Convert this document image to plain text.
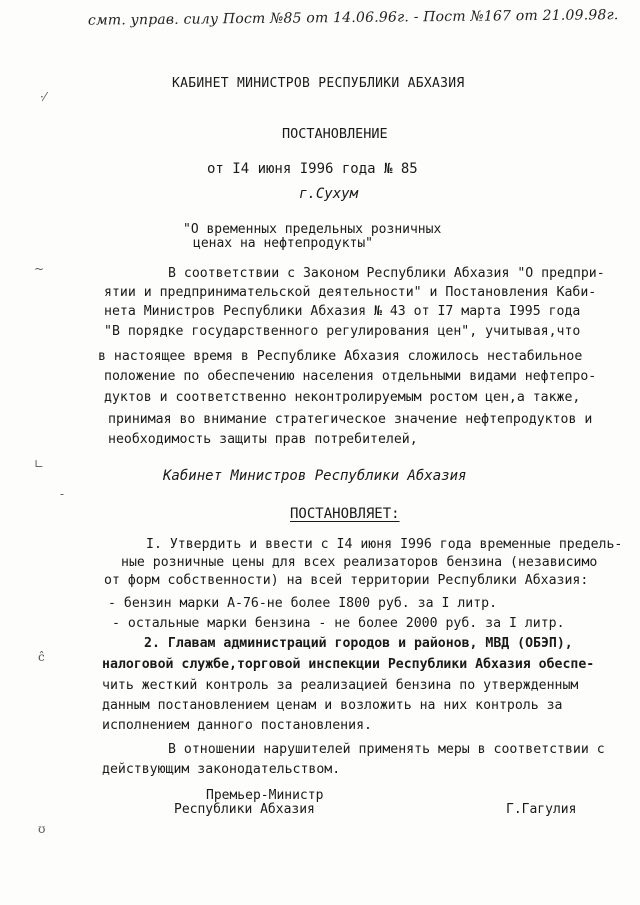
смт. управ. силу Пост №85 от 14.06.96г. - Пост №167 от 21.09.98г.
·⁄
~
∟
-
ĉ
ʊ
КАБИНЕТ МИНИСТРОВ РЕСПУБЛИКИ АБХАЗИЯ
ПОСТАНОВЛЕНИЕ
от I4 июня I996 года № 85
г.Сухум
"О временных предельных розничных
ценах на нефтепродукты"
В соответствии с Законом Республики Абхазия "О предпри-
ятии и предпринимательской деятельности" и Постановления Каби-
нета Министров Республики Абхазия № 43 от I7 марта I995 года
"В порядке государственного регулирования цен", учитывая,что
в настоящее время в Республике Абхазия сложилось нестабильное
положение по обеспечению населения отдельными видами нефтепро-
дуктов и соответственно неконтролируемым ростом цен,а также,
принимая во внимание стратегическое значение нефтепродуктов и
необходимость защиты прав потребителей,
Кабинет Министров Республики Абхазия
ПОСТАНОВЛЯЕТ:
I. Утвердить и ввести с I4 июня I996 года временные предель-
ные розничные цены для всех реализаторов бензина (независимо
от форм собственности) на всей территории Республики Абхазия:
- бензин марки А-76-не более I800 руб. за I литр.
- остальные марки бензина - не более 2000 руб. за I литр.
2. Главам администраций городов и районов, МВД (ОБЭП),
налоговой службе,торговой инспекции Республики Абхазия обеспе-
чить жесткий контроль за реализацией бензина по утвержденным
данным постановлением ценам и возложить на них контроль за
исполнением данного постановления.
В отношении нарушителей применять меры в соответствии с
действующим законодательством.
Премьер-Министр
Республики Абхазия	Г.Гагулия
